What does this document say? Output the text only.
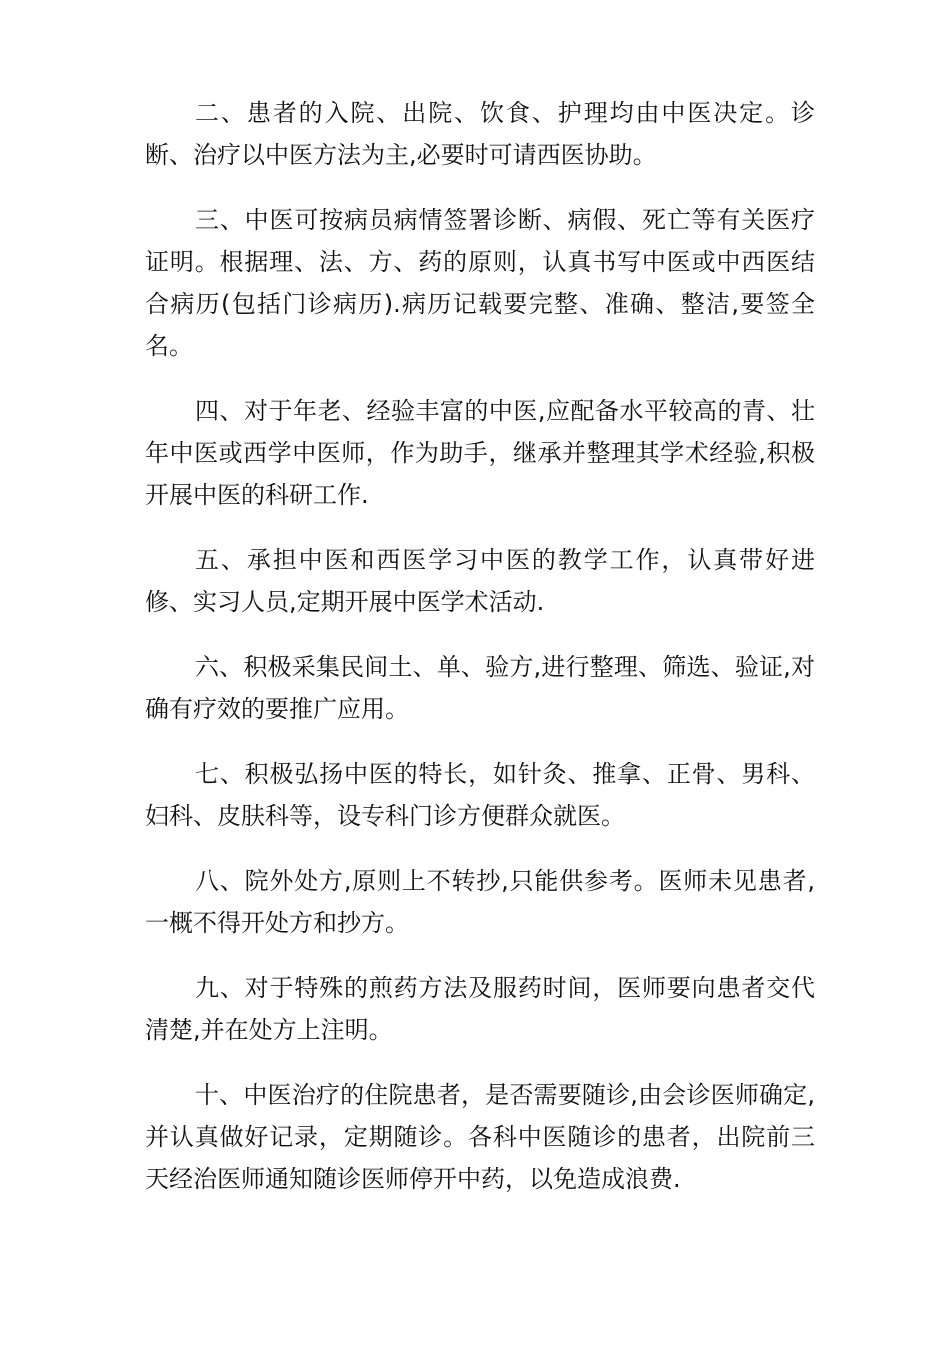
二、患者的入院、出院、饮食、护理均由中医决定。诊断、治疗以中医方法为主,必要时可请西医协助。

三、中医可按病员病情签署诊断、病假、死亡等有关医疗证明。根据理、法、方、药的原则，认真书写中医或中西医结合病历(包括门诊病历).病历记载要完整、准确、整洁,要签全名。

四、对于年老、经验丰富的中医,应配备水平较高的青、壮年中医或西学中医师，作为助手，继承并整理其学术经验,积极开展中医的科研工作.

五、承担中医和西医学习中医的教学工作，认真带好进修、实习人员,定期开展中医学术活动.

六、积极采集民间土、单、验方,进行整理、筛选、验证,对确有疗效的要推广应用。

七、积极弘扬中医的特长，如针灸、推拿、正骨、男科、妇科、皮肤科等，设专科门诊方便群众就医。

八、院外处方,原则上不转抄,只能供参考。医师未见患者,一概不得开处方和抄方。

九、对于特殊的煎药方法及服药时间，医师要向患者交代清楚,并在处方上注明。

十、中医治疗的住院患者，是否需要随诊,由会诊医师确定,并认真做好记录，定期随诊。各科中医随诊的患者，出院前三天经治医师通知随诊医师停开中药，以免造成浪费.
